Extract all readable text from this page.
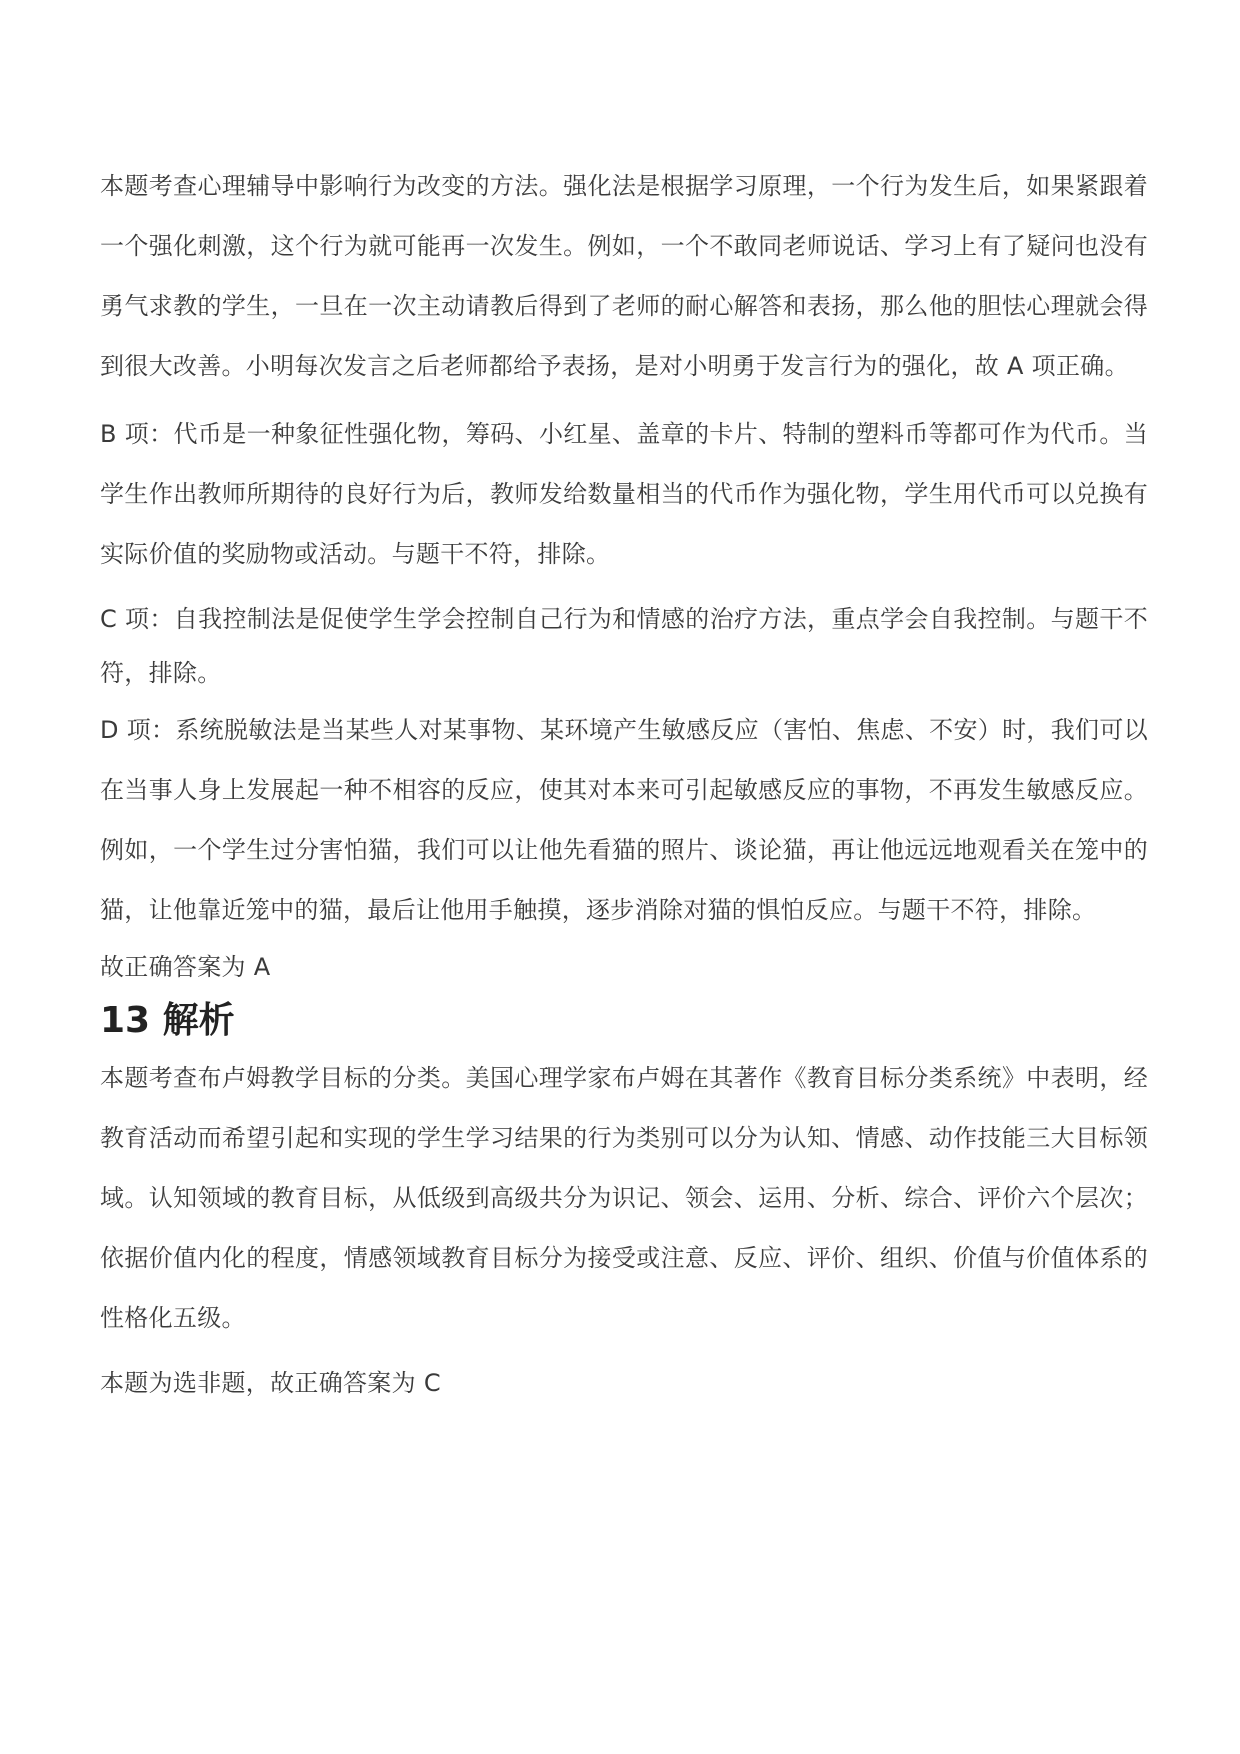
本题考查心理辅导中影响行为改变的方法。强化法是根据学习原理，一个行为发生后，如果紧跟着一个强化刺激，这个行为就可能再一次发生。例如，一个不敢同老师说话、学习上有了疑问也没有勇气求教的学生，一旦在一次主动请教后得到了老师的耐心解答和表扬，那么他的胆怯心理就会得到很大改善。小明每次发言之后老师都给予表扬，是对小明勇于发言行为的强化，故 A 项正确。

B 项：代币是一种象征性强化物，筹码、小红星、盖章的卡片、特制的塑料币等都可作为代币。当学生作出教师所期待的良好行为后，教师发给数量相当的代币作为强化物，学生用代币可以兑换有实际价值的奖励物或活动。与题干不符，排除。

C 项：自我控制法是促使学生学会控制自己行为和情感的治疗方法，重点学会自我控制。与题干不符，排除。

D 项：系统脱敏法是当某些人对某事物、某环境产生敏感反应（害怕、焦虑、不安）时，我们可以在当事人身上发展起一种不相容的反应，使其对本来可引起敏感反应的事物，不再发生敏感反应。例如，一个学生过分害怕猫，我们可以让他先看猫的照片、谈论猫，再让他远远地观看关在笼中的猫，让他靠近笼中的猫，最后让他用手触摸，逐步消除对猫的惧怕反应。与题干不符，排除。

故正确答案为 A

13 解析

本题考查布卢姆教学目标的分类。美国心理学家布卢姆在其著作《教育目标分类系统》中表明，经教育活动而希望引起和实现的学生学习结果的行为类别可以分为认知、情感、动作技能三大目标领域。认知领域的教育目标，从低级到高级共分为识记、领会、运用、分析、综合、评价六个层次；依据价值内化的程度，情感领域教育目标分为接受或注意、反应、评价、组织、价值与价值体系的性格化五级。

本题为选非题，故正确答案为 C
